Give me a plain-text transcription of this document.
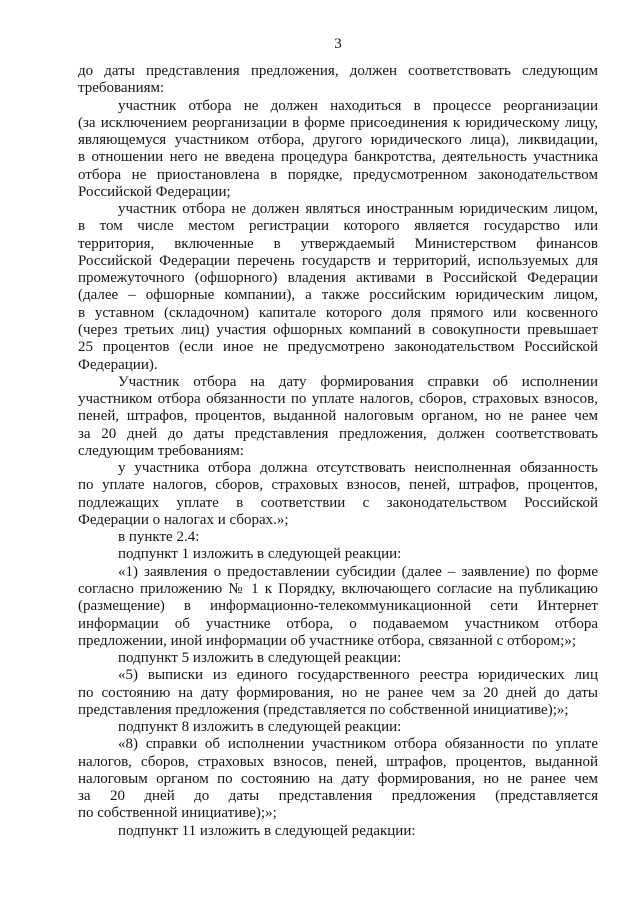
3
до даты представления предложения, должен соответствовать следующим
требованиям:
участник отбора не должен находиться в процессе реорганизации
(за исключением реорганизации в форме присоединения к юридическому лицу,
являющемуся участником отбора, другого юридического лица), ликвидации,
в отношении него не введена процедура банкротства, деятельность участника
отбора не приостановлена в порядке, предусмотренном законодательством
Российской Федерации;
участник отбора не должен являться иностранным юридическим лицом,
в том числе местом регистрации которого является государство или
территория, включенные в утверждаемый Министерством финансов
Российской Федерации перечень государств и территорий, используемых для
промежуточного (офшорного) владения активами в Российской Федерации
(далее – офшорные компании), а также российским юридическим лицом,
в уставном (складочном) капитале которого доля прямого или косвенного
(через третьих лиц) участия офшорных компаний в совокупности превышает
25 процентов (если иное не предусмотрено законодательством Российской
Федерации).
Участник отбора на дату формирования справки об исполнении
участником отбора обязанности по уплате налогов, сборов, страховых взносов,
пеней, штрафов, процентов, выданной налоговым органом, но не ранее чем
за 20 дней до даты представления предложения, должен соответствовать
следующим требованиям:
у участника отбора должна отсутствовать неисполненная обязанность
по уплате налогов, сборов, страховых взносов, пеней, штрафов, процентов,
подлежащих уплате в соответствии с законодательством Российской
Федерации о налогах и сборах.»;
в пункте 2.4:
подпункт 1 изложить в следующей реакции:
«1) заявления о предоставлении субсидии (далее – заявление) по форме
согласно приложению № 1 к Порядку, включающего согласие на публикацию
(размещение) в информационно-телекоммуникационной сети Интернет
информации об участнике отбора, о подаваемом участником отбора
предложении, иной информации об участнике отбора, связанной с отбором;»;
подпункт 5 изложить в следующей реакции:
«5) выписки из единого государственного реестра юридических лиц
по состоянию на дату формирования, но не ранее чем за 20 дней до даты
представления предложения (представляется по собственной инициативе);»;
подпункт 8 изложить в следующей реакции:
«8) справки об исполнении участником отбора обязанности по уплате
налогов, сборов, страховых взносов, пеней, штрафов, процентов, выданной
налоговым органом по состоянию на дату формирования, но не ранее чем
за 20 дней до даты представления предложения (представляется
по собственной инициативе);»;
подпункт 11 изложить в следующей редакции:
